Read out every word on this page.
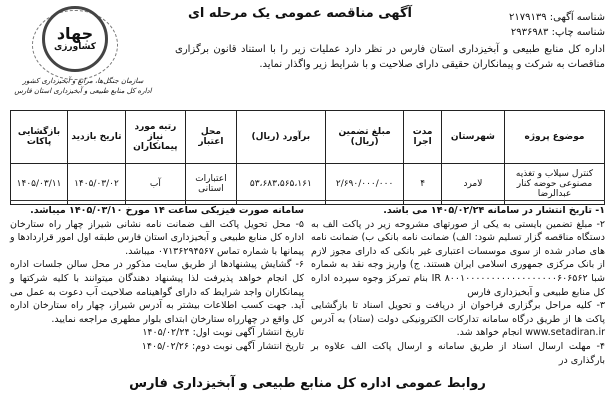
جهاد
کشاورزی
سازمان جنگل‌ها، مراتع و آبخیزداری کشور
اداره کل منابع طبیعی و آبخیزداری استان فارس
آگهی مناقصه عمومی یک مرحله ای	شناسه آگهی: ۲۱۷۹۱۳۹
شناسه چاپ: ۲۹۳۶۹۸۳
اداره کل منابع طبیعی و آبخیزداری استان فارس در نظر دارد عملیات زیر را با استناد قانون برگزاری مناقصات به شرکت و پیمانکاران حقیقی دارای صلاحیت و با شرایط زیر واگذار نماید.
موضوع پروژه	شهرستان	مدت اجرا	مبلغ تضمین (ریال)	برآورد (ریال)	محل اعتبار	رتبه مورد نیاز پیمانکاران	تاریخ بازدید	بازگشایی پاکات
کنترل سیلاب و تغذیه مصنوعی حوضه کنار عبدالرضا	لامرد	۴	۲/۶۹۰/۰۰۰/۰۰۰	۵۳،۶۸۳،۵۶۵،۱۶۱	اعتبارات استانی	آب	۱۴۰۵/۰۳/۰۲	۱۴۰۵/۰۳/۱۱

۱- تاریخ انتشار در سامانه ۱۴۰۵/۰۲/۲۴ می باشد.

۲- مبلغ تضمین بایستی به یکی از صورتهای مشروحه زیر در پاکت الف به دستگاه مناقصه گزار تسلیم شود: الف) ضمانت نامه بانکی ب) ضمانت نامه های صادر شده از سوی موسسات اعتباری غیر بانکی که دارای مجوز لازم از بانک مرکزی جمهوری اسلامی ایران هستند. ج) واریز وجه نقد به شماره شبا IR ۸۰۰۱۰۰۰۰۰۰۰۰۰۰۰۰۰۰۰۰۰۰۶۰۶۵۶۲ بنام تمرکز وجوه سپرده اداره کل منابع طبیعی و آبخیزداری فارس

۳- کلیه مراحل برگزاری فراخوان از دریافت و تحویل اسناد تا بازگشایی پاکت ها از طریق درگاه سامانه تدارکات الکترونیکی دولت (ستاد) به آدرس www.setadiran.ir انجام خواهد شد.

۴- مهلت ارسال اسناد از طریق سامانه و ارسال پاکت الف علاوه بر بارگذاری در

سامانه صورت فیزیکی ساعت ۱۴ مورخ ۱۴۰۵/۰۳/۱۰ میباشد.

۵- محل تحویل پاکت الف ضمانت نامه نشانی شیراز چهار راه ستارخان اداره کل منابع طبیعی و آبخیزداری استان فارس طبقه اول امور قراردادها و پیمانها با شماره تماس ۰۷۱۳۶۲۹۴۵۶۷ میباشد.

۶- گشایش پیشنهادها از طریق سایت مذکور در محل سالن جلسات اداره کل انجام خواهد پذیرفت لذا پیشنهاد دهندگان میتوانند با کلیه شرکتها و پیمانکاران واجد شرایط که دارای گواهینامه صلاحیت آب دعوت به عمل می آید. جهت کسب اطلاعات بیشتر به آدرس شیراز، چهار راه ستارخان اداره کل واقع در چهارراه ستارخان ابتدای بلوار مطهری مراجعه نمایید.

تاریخ انتشار آگهی نوبت اول: ۱۴۰۵/۰۲/۲۴

تاریخ انتشار آگهی نوبت دوم: ۱۴۰۵/۰۲/۲۶

روابط عمومی اداره کل منابع طبیعی و آبخیزداری فارس
